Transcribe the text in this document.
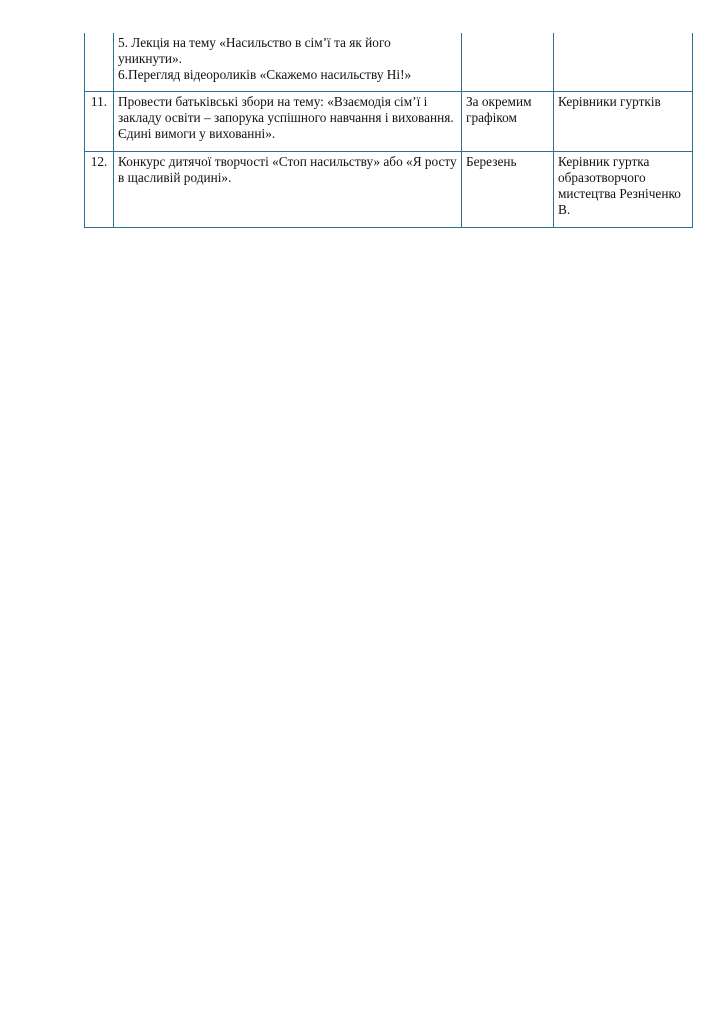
	5. Лекція на тему «Насильство в сім’ї та як його уникнути».
6.Перегляд відеороликів «Скажемо насильству Ні!»		

11.	Провести батьківські збори на тему: «Взаємодія сім’ї і закладу освіти – запорука успішного навчання і виховання. Єдині вимоги у вихованні».	За окремим графіком	Керівники гуртків
12.	Конкурс дитячої творчості «Стоп насильству» або «Я росту в щасливій родині».	Березень	Керівник гуртка образотворчого мистецтва Резніченко В.
